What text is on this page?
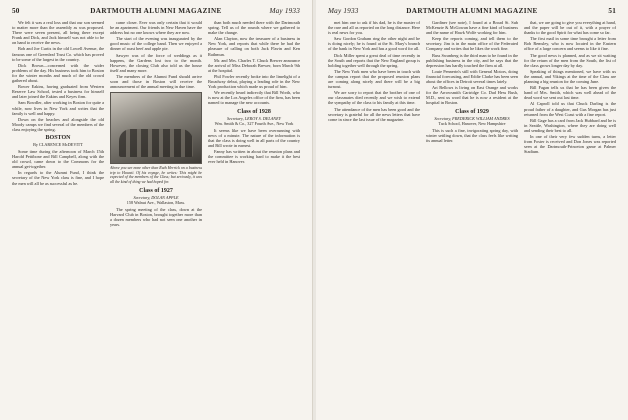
50	DARTMOUTH ALUMNI MAGAZINE	May 1933

We felt it was a real loss and that our son seemed to matter more than the assembly as was proposed. There were seven present, all being there except Frank and Dick, and Jack himself was not able to be on hand to receive the news.

Bob and Joe Curtis in the old Lowell Avenue, the famous one of Greenleaf Trust Co. which has proved to be some of the largest in the country.

Dick Brown—concerned with the wider problems of the day. His business took him to Boston for the winter months and much of the old crowd gathered about.

Bower Eakins, having graduated from Western Reserve Law School, tested a business for himself and later joined the Eakins and Keyes firm.

Sam Bowdler, after working in Boston for quite a while, now lives in New York and writes that the family is well and happy.

Down on the beaches and alongside the old Moody camps we find several of the members of the class enjoying the spring.

BOSTON
By CLARENCE McDEVITT

Some time during the afternoon of March 15th Harold Pettibone and Bill Campbell, along with the old crowd, came down to the Commons for the annual get-together.

In regards to the Alumni Fund, I think the secretary of the New York class is fine, and I hope the men will all be as successful as he.

came closer. Ever was only certain that it would be an apartment. Our friends in New Haven have the address but no one knows where they are now.

The start of the evening was inaugurated by the good music of the college band. Then we enjoyed a dinner of roast beef and apple pie.

Sawyer was of the force of weddings as it happens, the Gardens lost two to the month. However, the closing Club also told us the house itself and many more.

The members of the Alumni Fund should arrive soon and those in Boston will receive the announcement of the annual meeting in due time.

Above you see none other than Ruth Herrick on a business trip to Hawaii. Of his voyage, he writes: This might be expected of the members of the Class; but seriously, it was all the kind of thing we had hoped for.
Class of 1927
Secretary, DOLAN APPLE
158 Walnut Ave., Wallaston, Mass.

The spring meeting of the class, down at the Harvard Club in Boston, brought together more than a dozen members who had not seen one another in years.

than both much needed there with the Dartmouth spring. Tell us of the rounds where we gathered to make the change.

Alan Clayton, now the treasurer of a business in New York, and reports that while there he had the pleasure of calling on both Jack Flavin and Ken Rathmun.

Mr. and Mrs. Charles T. Chuck Brewer announce the arrival of Miss Deborah Brewer, born March 9th at the hospital.

Phil Fowler recently broke into the limelight of a Broadway debut, playing a leading role in the New York production which made us proud of him.

We recently heard indirectly that Bill Worth, who is now at the Los Angeles office of the firm, has been named to manage the new accounts.

Class of 1928
Secretary, LEROY S. DELANEY
Wm. Smith & Co., 327 Fourth Ave., New York

It seems like we have been overrunning with news of a minute. The nature of the information is that the class is doing well in all parts of the country and Bill wrote in earnest.

Fanny has written in about the reunion plans and the committee is working hard to make it the best ever held in Hanover.

May 1933	DARTMOUTH ALUMNI MAGAZINE	51

met him one to ask if his dad, he is the master of the rare and all as reported on the long distance. Here is real news for you.

Saw Gordon Graham ring the other night and he is doing nicely; he is found at the St. Mary's branch of the bank in New York and has a good word for all.

Dick Miller spent a great deal of time recently in the South and reports that the New England group is holding together well through the spring.

The New York men who have been in touch with the campus report that the proposed reunion plans are coming along nicely and there will be a big turnout.

We are sorry to report that the brother of one of our classmates died recently and we wish to extend the sympathy of the class to his family at this time.

The attendance of the men has been good and the secretary is grateful for all the news letters that have come in since the last issue of the magazine.

Gardiner (see note), I found at a Broad St. Sub McKenzie & McGowan have a fine kind of business and the name of Hawk Wolfe working for him.

Keep the reports coming, and tell them to the secretary. Jim is in the main office of the Federated Company and writes that he likes the work fine.

Buss Swanberg is the third man to be found in the publishing business in the city, and he says that the depression has hardly touched the firm at all.

Louie Pennerin's still with General Motors, doing financial forecasting, and Eddie Clarke has been seen about the offices in Detroit several times lately.

Art Bellows is living on East Orange and works for the Arrowsmith Cartridge Co. Dad Hess Bush, M.D., sent us word that he is now a resident at the hospital in Boston.

Class of 1929
Secretary, FREDERICK WILLIAM ANDRES
Tuck School, Hanover, New Hampshire

This is such a fine, invigorating spring day, with winter settling down, that the class feels like writing its annual letter.

that, we are going to give you everything at hand, and the paper will be out of it, with a prayer of thanks to the good Spirit for what has come so far.

The first mail in some time brought a letter from Bob Remsley, who is now located in the Eastern office of a large concern and seems to like it fine.

The good news is planned, and as we sit waiting for the return of the men from the South, the list of the class grows longer day by day.

Speaking of things mentioned, we have with us the annual, and Vikings at the time of the Class are planning a big reunion for the coming June.

Bill Fagan tells us that he has been given the hand of Mrs. Smith, which was well ahead of the dead word we sent out last time.

Al Caproll told us that Chuck Darling is the proud father of a daughter, and Gus Morgan has just returned from the West Coast with a fine report.

Bill Gage has a card from Jack Hubbard and he is in Seattle, Washington, where they are doing well and sending their best to all.

In one of their very few sudden turns, a letter from Foster is received and Don Jones was reported seen at the Dartmouth-Princeton game at Palmer Stadium.
